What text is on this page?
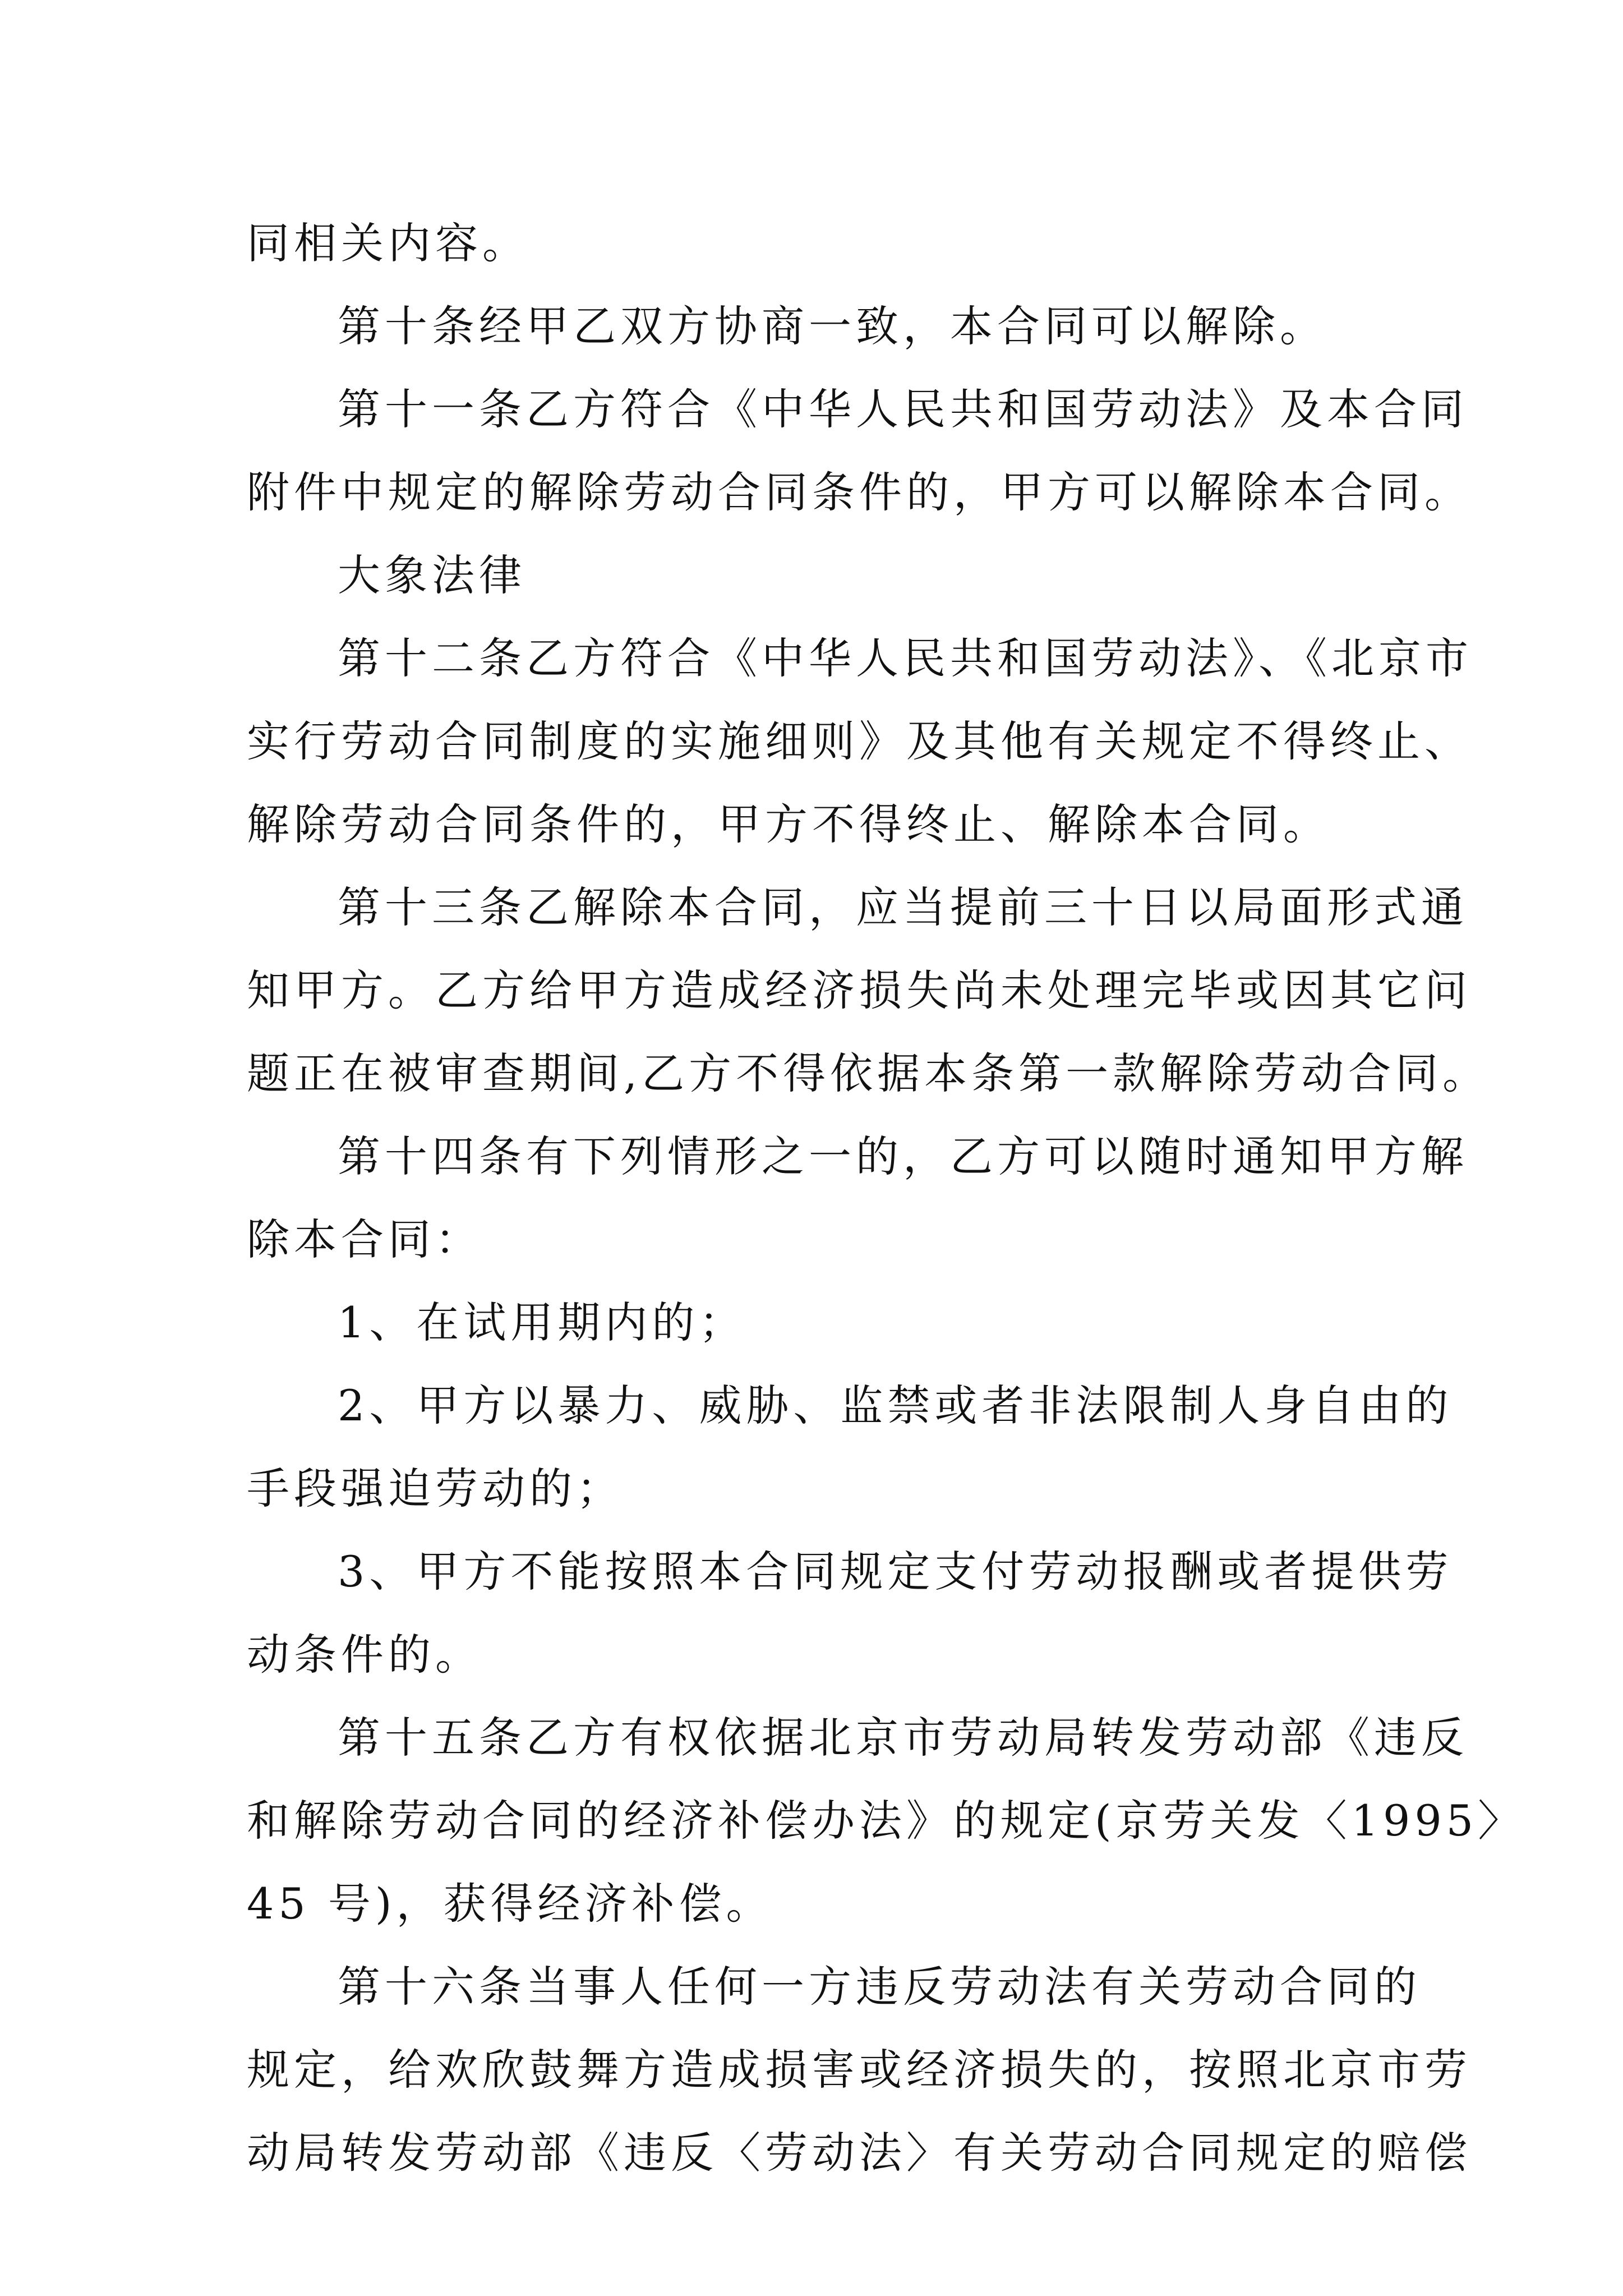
同相关内容。
第十条经甲乙双方协商一致，本合同可以解除。
第十一条乙方符合《中华人民共和国劳动法》及本合同
附件中规定的解除劳动合同条件的，甲方可以解除本合同。
大象法律
第十二条乙方符合《中华人民共和国劳动法》、《北京市
实行劳动合同制度的实施细则》及其他有关规定不得终止、
解除劳动合同条件的，甲方不得终止、解除本合同。
第十三条乙解除本合同，应当提前三十日以局面形式通
知甲方。乙方给甲方造成经济损失尚未处理完毕或因其它问
题正在被审查期间,乙方不得依据本条第一款解除劳动合同。
第十四条有下列情形之一的，乙方可以随时通知甲方解
除本合同：
1、在试用期内的；
2、甲方以暴力、威胁、监禁或者非法限制人身自由的
手段强迫劳动的；
3、甲方不能按照本合同规定支付劳动报酬或者提供劳
动条件的。
第十五条乙方有权依据北京市劳动局转发劳动部《违反
和解除劳动合同的经济补偿办法》的规定(京劳关发〈1995〉
45 号)，获得经济补偿。
第十六条当事人任何一方违反劳动法有关劳动合同的
规定，给欢欣鼓舞方造成损害或经济损失的，按照北京市劳
动局转发劳动部《违反〈劳动法〉有关劳动合同规定的赔偿
